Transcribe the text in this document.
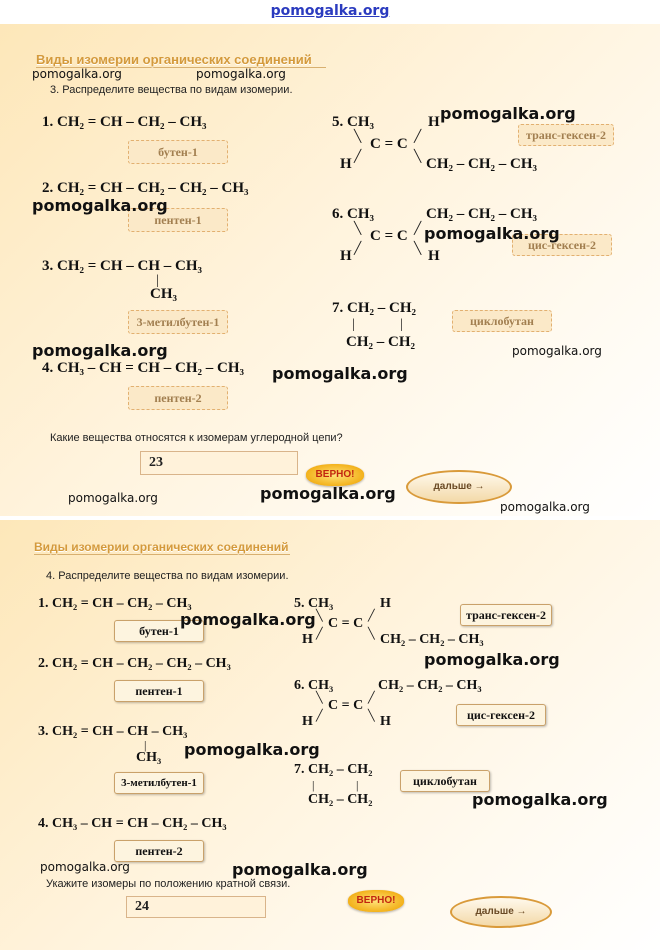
pomogalka.org
Виды изомерии органических соединений
3. Распределите вещества по видам изомерии.
1. CH₂ = CH – CH₂ – CH₃
бутен-1
2. CH₂ = CH – CH₂ – CH₂ – CH₃
пентен-1
3. CH₂ = CH – CH – CH₃
|
CH₃
3-метилбутен-1
4. CH₃ – CH = CH – CH₂ – CH₃
пентен-2
5. CH₃	H
╲	╱
C = C
╱	╲
H	CH₂ – CH₂ – CH₃
транс-гексен-2
6. CH₃	CH₂ – CH₂ – CH₃
╲	╱
C = C
╱	╲
H	H
цис-гексен-2
7. CH₂ – CH₂
|	|
CH₂ – CH₂
циклобутан
Какие вещества относятся к изомерам углеродной цепи?
23
ВЕРНО!
дальше →
pomogalka.org	pomogalka.org
pomogalka.org
pomogalka.org
pomogalka.org
pomogalka.org	pomogalka.org
pomogalka.org
pomogalka.org	pomogalka.org
pomogalka.org
Виды изомерии органических соединений
4. Распределите вещества по видам изомерии.
1. CH₂ = CH – CH₂ – CH₃
бутен-1
2. CH₂ = CH – CH₂ – CH₂ – CH₃
пентен-1
3. CH₂ = CH – CH – CH₃
|
CH₃
3-метилбутен-1
4. CH₃ – CH = CH – CH₂ – CH₃
пентен-2
5. CH₃	H
╲	╱
C = C
╱	╲
H	CH₂ – CH₂ – CH₃
транс-гексен-2
6. CH₃	CH₂ – CH₂ – CH₃
╲	╱
C = C
╱	╲
H	H	цис-гексен-2
7. CH₂ – CH₂
|	|
CH₂ – CH₂
циклобутан
Укажите изомеры по положению кратной связи.
24	ВЕРНО!
дальше →
pomogalka.org
pomogalka.org
pomogalka.org
pomogalka.org
pomogalka.org	pomogalka.org
